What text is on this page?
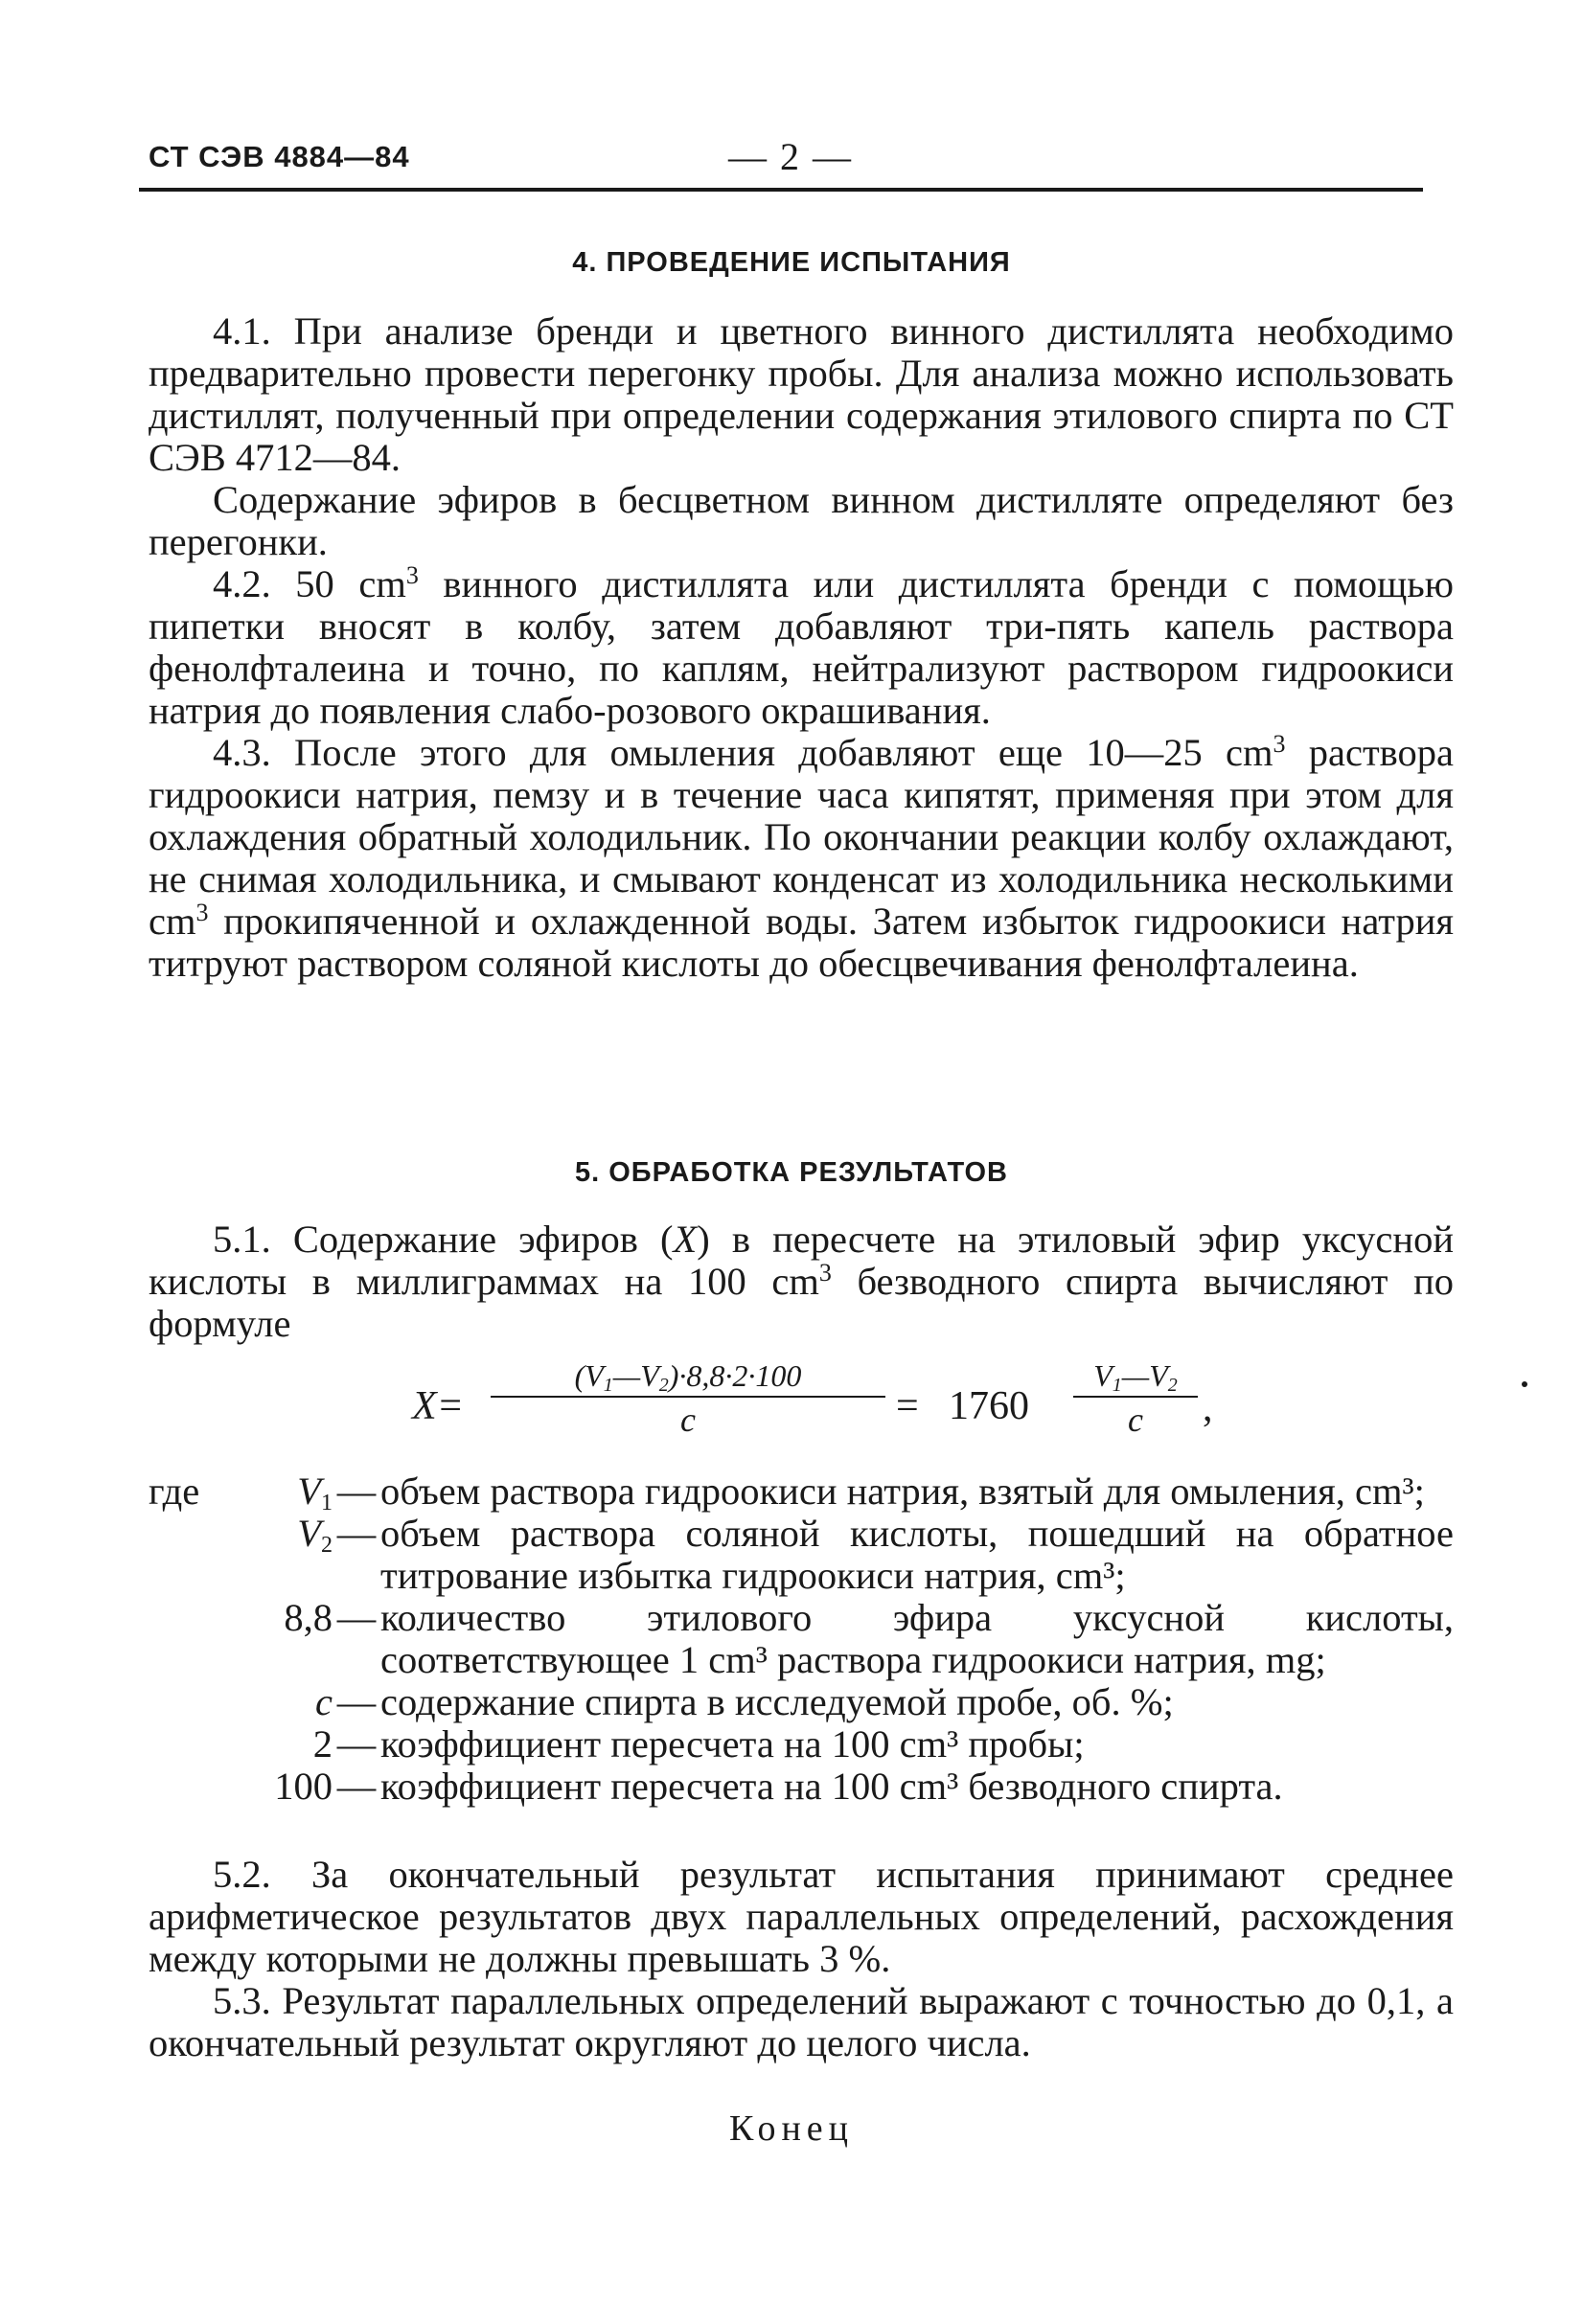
СТ СЭВ 4884—84	— 2 —
4. ПРОВЕДЕНИЕ ИСПЫТАНИЯ

4.1. При анализе бренди и цветного винного дистиллята необходимо предварительно провести перегонку пробы. Для анализа можно использовать дистиллят, полученный при определении содержания этилового спирта по СТ СЭВ 4712—84.

Содержание эфиров в бесцветном винном дистилляте определяют без перегонки.

4.2. 50 $cm^3$ винного дистиллята или дистиллята бренди с помощью пипетки вносят в колбу, затем добавляют три-пять капель раствора фенолфталеина и точно, по каплям, нейтрализуют раствором гидроокиси натрия до появления слабо-розового окрашивания.

4.3. После этого для омыления добавляют еще 10—25 $cm^3$ раствора гидроокиси натрия, пемзу и в течение часа кипятят, применяя при этом для охлаждения обратный холодильник. По окончании реакции колбу охлаждают, не снимая холодильника, и смывают конденсат из холодильника несколькими $cm^3$ прокипяченной и охлажденной воды. Затем избыток гидроокиси натрия титруют раствором соляной кислоты до обесцвечивания фенолфталеина.

5. ОБРАБОТКА РЕЗУЛЬТАТОВ

5.1. Содержание эфиров (X) в пересчете на этиловый эфир уксусной кислоты в миллиграммах на 100 $cm^3$ безводного спирта вычисляют по формуле

X=
$(V_1—V_2)\cdot 8,8\cdot 2\cdot 100$
c	= 1760
$V_1—V_2$
c	,
где	$V_1$ — объем раствора гидроокиси натрия, взятый для омыления, cm³;
$V_2$ — объем раствора соляной кислоты, пошедший на обратное титрование избытка гидроокиси натрия, cm³;
8,8 — количество этилового эфира уксусной кислоты, соответствующее 1 cm³ раствора гидроокиси натрия, mg;
c — содержание спирта в исследуемой пробе, об. %;
2 — коэффициент пересчета на 100 cm³ пробы;
100 — коэффициент пересчета на 100 cm³ безводного спирта.

5.2. За окончательный результат испытания принимают среднее арифметическое результатов двух параллельных определений, расхождения между которыми не должны превышать 3 %.

5.3. Результат параллельных определений выражают с точностью до 0,1, а окончательный результат округляют до целого числа.

Конец
